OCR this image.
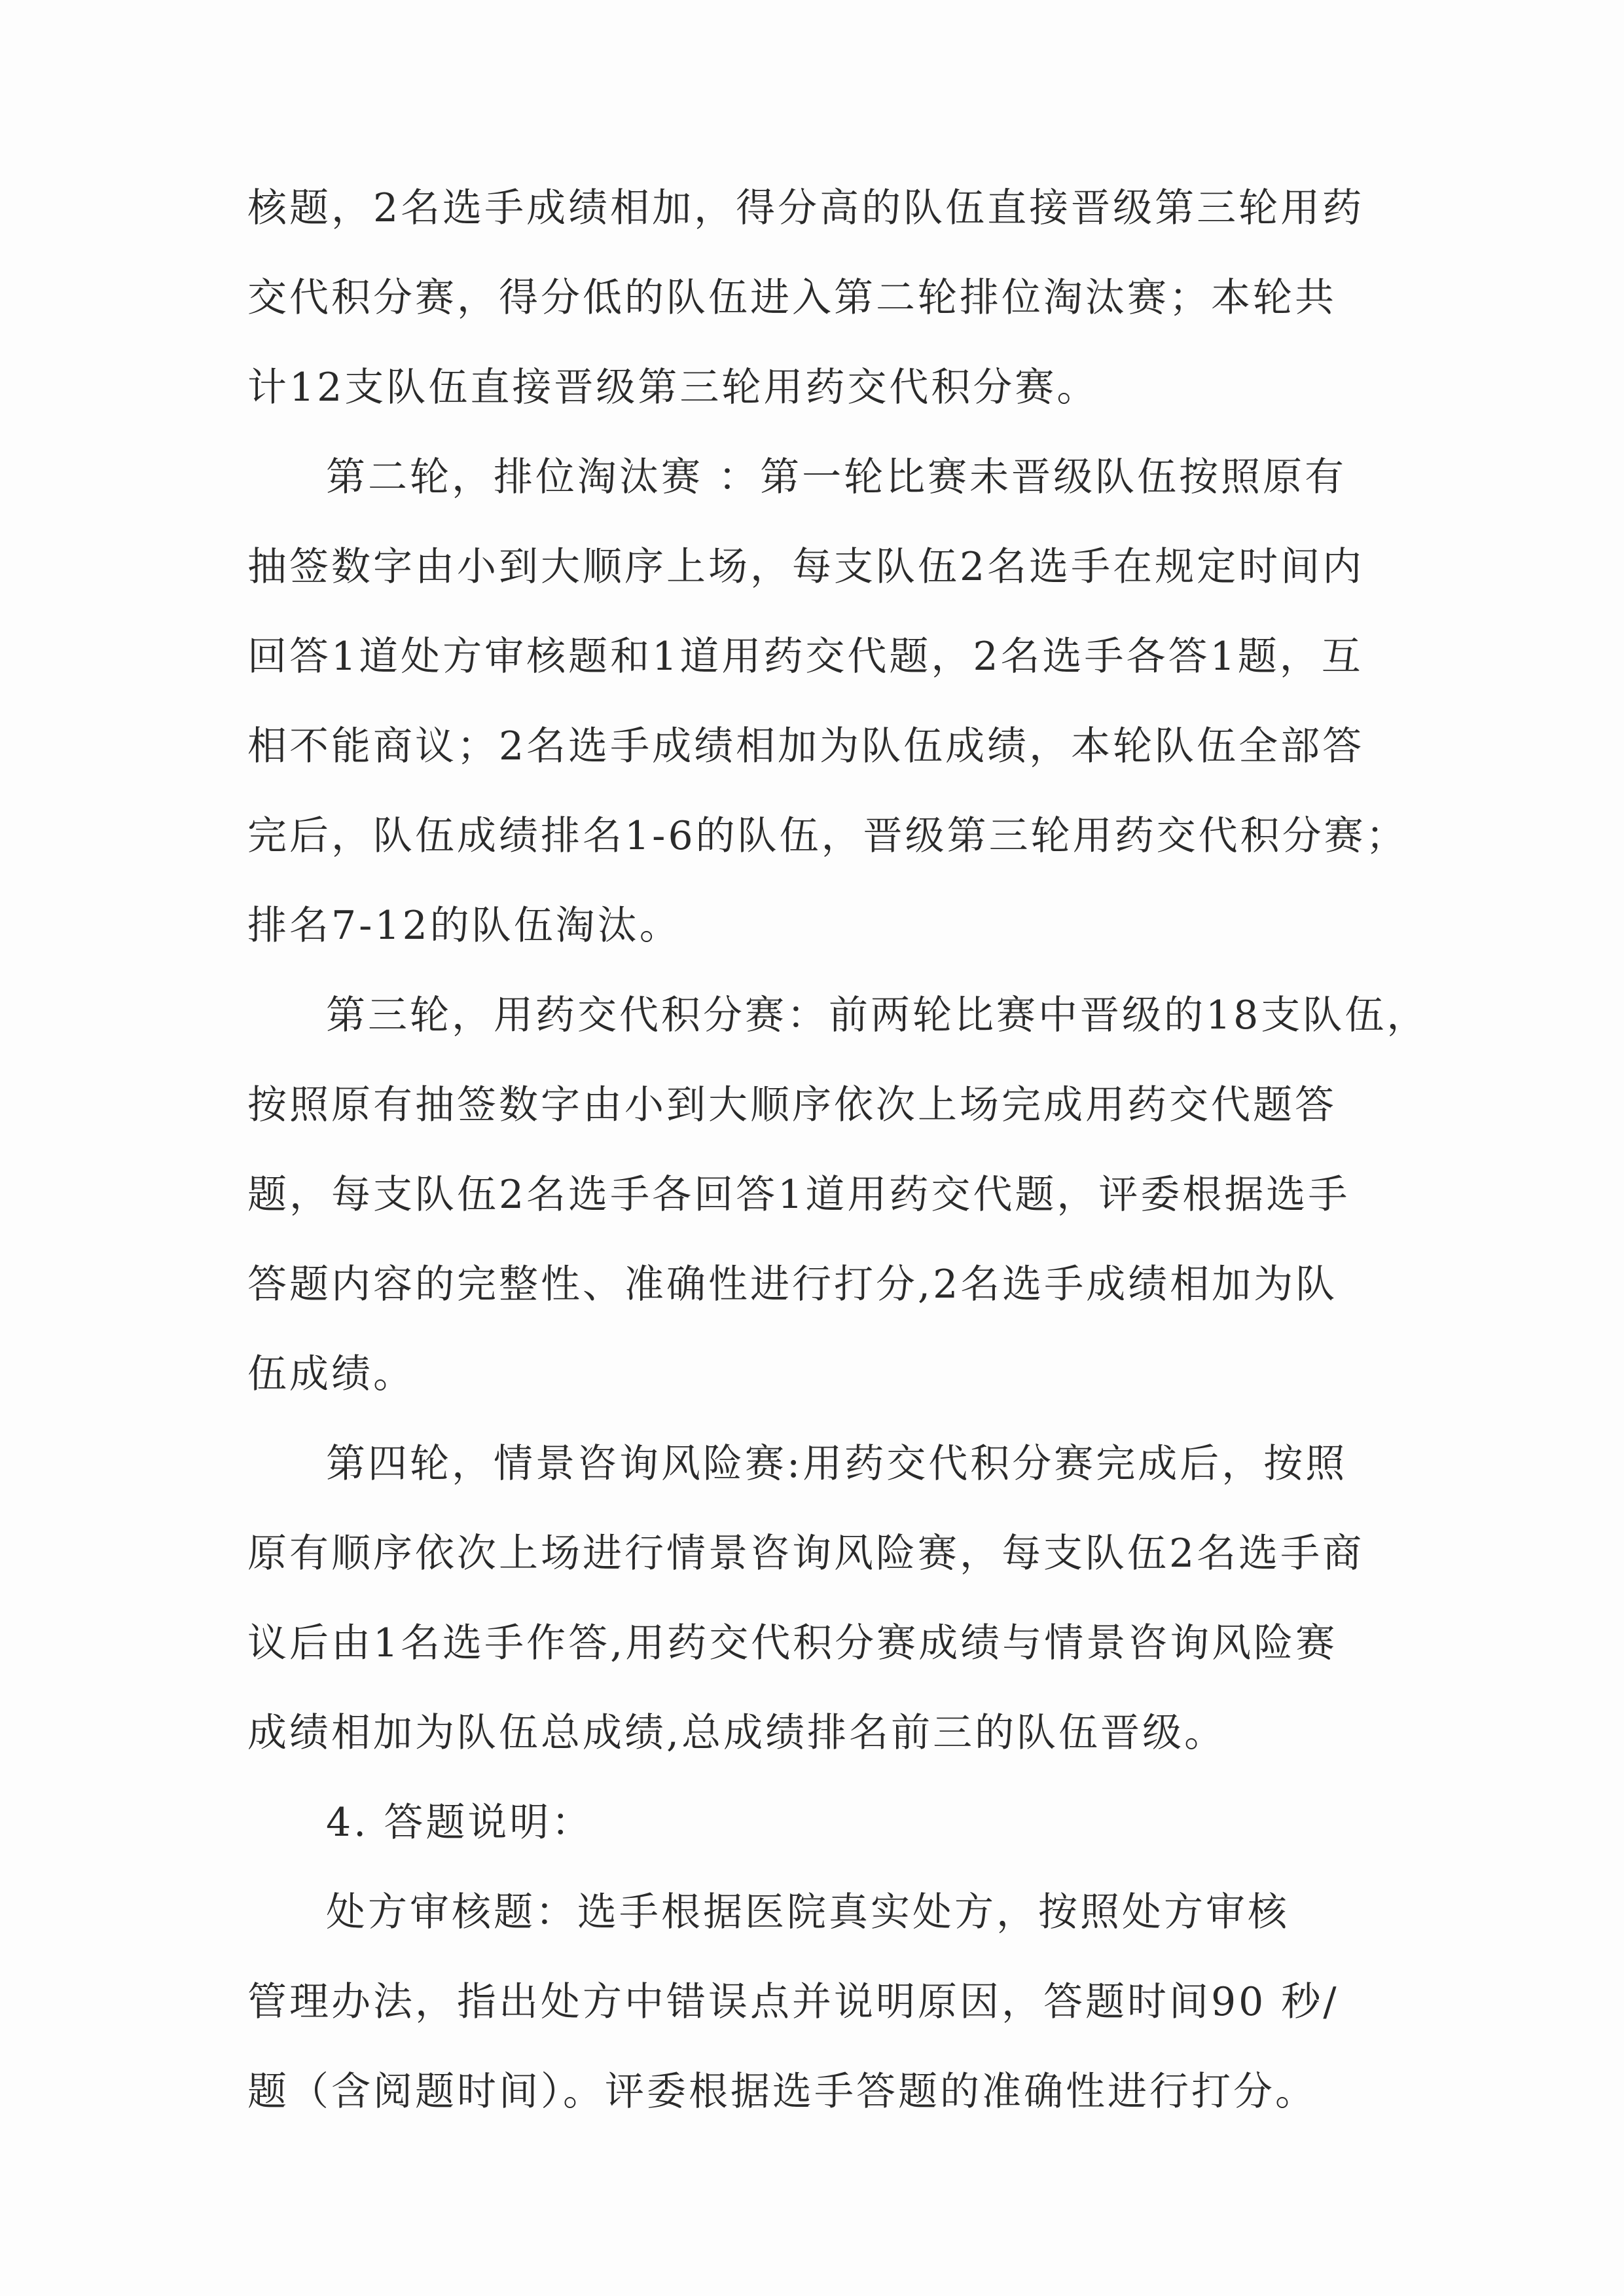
核题，2名选手成绩相加，得分高的队伍直接晋级第三轮用药
交代积分赛，得分低的队伍进入第二轮排位淘汰赛；本轮共
计12支队伍直接晋级第三轮用药交代积分赛。
第二轮，排位淘汰赛 ：第一轮比赛未晋级队伍按照原有
抽签数字由小到大顺序上场，每支队伍2名选手在规定时间内
回答1道处方审核题和1道用药交代题，2名选手各答1题，互
相不能商议；2名选手成绩相加为队伍成绩，本轮队伍全部答
完后，队伍成绩排名1-6的队伍，晋级第三轮用药交代积分赛；
排名7-12的队伍淘汰。
第三轮，用药交代积分赛：前两轮比赛中晋级的18支队伍，
按照原有抽签数字由小到大顺序依次上场完成用药交代题答
题，每支队伍2名选手各回答1道用药交代题，评委根据选手
答题内容的完整性、准确性进行打分,2名选手成绩相加为队
伍成绩。
第四轮，情景咨询风险赛:用药交代积分赛完成后，按照
原有顺序依次上场进行情景咨询风险赛，每支队伍2名选手商
议后由1名选手作答,用药交代积分赛成绩与情景咨询风险赛
成绩相加为队伍总成绩,总成绩排名前三的队伍晋级。
4. 答题说明：
处方审核题：选手根据医院真实处方，按照处方审核
管理办法，指出处方中错误点并说明原因，答题时间90 秒/
题（含阅题时间）。评委根据选手答题的准确性进行打分。
